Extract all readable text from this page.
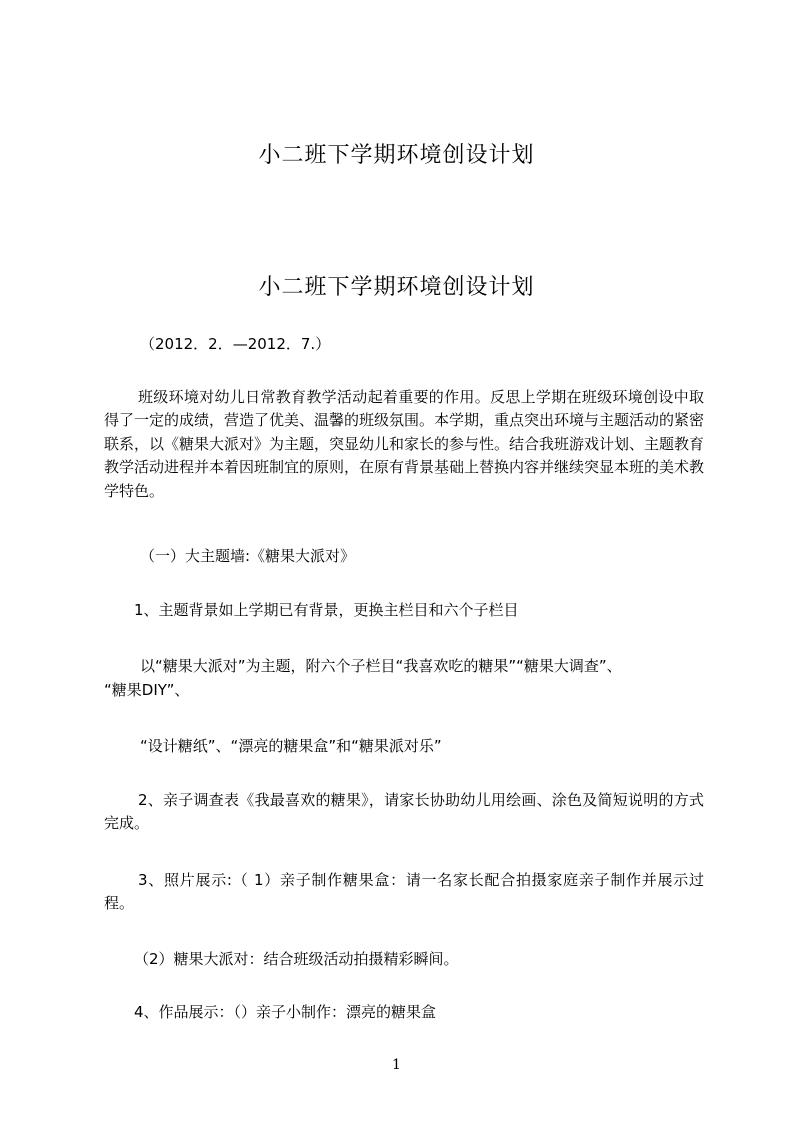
小二班下学期环境创设计划
小二班下学期环境创设计划
（2012．2．—2012．7.）

班级环境对幼儿日常教育教学活动起着重要的作用。反思上学期在班级环境创设中取得了一定的成绩，营造了优美、温馨的班级氛围。本学期，重点突出环境与主题活动的紧密联系，以《糖果大派对》为主题，突显幼儿和家长的参与性。结合我班游戏计划、主题教育教学活动进程并本着因班制宜的原则，在原有背景基础上替换内容并继续突显本班的美术教学特色。

（一）大主题墙:《糖果大派对》
1、主题背景如上学期已有背景，更换主栏目和六个子栏目
以“糖果大派对”为主题，附六个子栏目“我喜欢吃的糖果”“糖果大调查”、
“糖果DIY”、
“设计糖纸”、“漂亮的糖果盒”和“糖果派对乐”

2、亲子调查表《我最喜欢的糖果》，请家长协助幼儿用绘画、涂色及简短说明的方式完成。

3、照片展示:（ 1）亲子制作糖果盒：请一名家长配合拍摄家庭亲子制作并展示过程。

（2）糖果大派对：结合班级活动拍摄精彩瞬间。
4、作品展示：（）亲子小制作：漂亮的糖果盒
1
